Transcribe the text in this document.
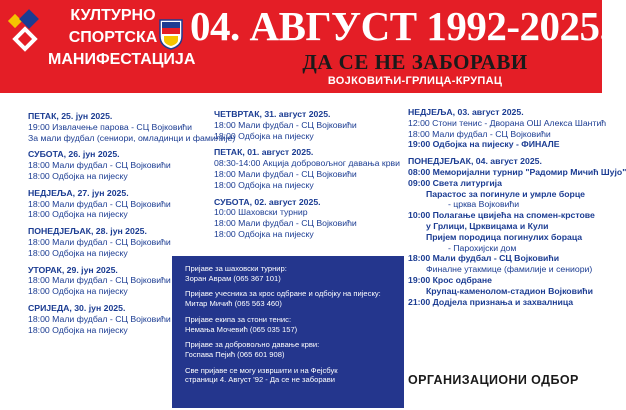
КУЛТУРНО
СПОРТСКА
МАНИФЕСТАЦИЈА
04. АВГУСТ 1992-2025.
ДА СЕ НЕ ЗАБОРАВИ
ВОЈКОВИЋИ-ГРЛИЦА-КРУПАЦ
ПЕТАК, 25. јун 2025.
19:00 Извлачење парова - СЦ Војковићи
За мали фудбал (сениори, омладинци и фамилије)
СУБОТА, 26. јун 2025.
18:00 Мали фудбал - СЦ Војковићи
18:00 Одбојка на пијеску
НЕДЈЕЉА, 27. јун 2025.
18:00 Мали фудбал - СЦ Војковићи
18:00 Одбојка на пијеску
ПОНЕДЈЕЉАК, 28. јун 2025.
18:00 Мали фудбал - СЦ Војковићи
18:00 Одбојка на пијеску
УТОРАК, 29. јун 2025.
18:00 Мали фудбал - СЦ Војковићи
18:00 Одбојка на пијеску
СРИЈЕДА, 30. јун 2025.
18:00 Мали фудбал - СЦ Војковићи
18:00 Одбојка на пијеску
ЧЕТВРТАК, 31. август 2025.
18:00 Мали фудбал - СЦ Војковићи
18:00 Одбојка на пијеску
ПЕТАК, 01. август 2025.
08:30-14:00 Акција добровољног давања крви
18:00 Мали фудбал - СЦ Војковићи
18:00 Одбојка на пијеску
СУБОТА, 02. август 2025.
10:00 Шаховски турнир
18:00 Мали фудбал - СЦ Војковићи
18:00 Одбојка на пијеску
НЕДЈЕЉА, 03. август 2025.
12:00 Стони тенис - Дворана ОШ Алекса Шантић
18:00 Мали фудбал - СЦ Војковићи
19:00 Одбојка на пијеску - ФИНАЛЕ
ПОНЕДЈЕЉАК, 04. август 2025.
08:00 Меморијални турнир "Радомир Мичић Шујо"
09:00 Света литургија
Парастос за погинуле и умрле борце
- црква Војковићи
10:00 Полагање цвијећа на спомен-крстове
у Грлици, Црквицама и Кули
Пријем породица погинулих бораца
- Парохијски дом
18:00 Мали фудбал - СЦ Војковићи
Финалне утакмице (фамилије и сениори)
19:00 Крос одбране
Крупац-каменолом-стадион Војковићи
21:00 Додјела признања и захвалница

Пријаве за шаховски турнир:
Зоран Аврам (065 367 101)

Пријаве учесника за крос одбране и одбојку на пијеску:
Митар Мичић (065 563 460)

Пријаве екипа за стони тенис:
Немања Мочевић (065 035 157)

Пријаве за добровољно давање крви:
Госпава Пејић (065 601 908)

Све пријаве се могу извршити и на Фејсбук
страници 4. Август '92 - Да се не заборави	ОРГАНИЗАЦИОНИ ОДБОР
